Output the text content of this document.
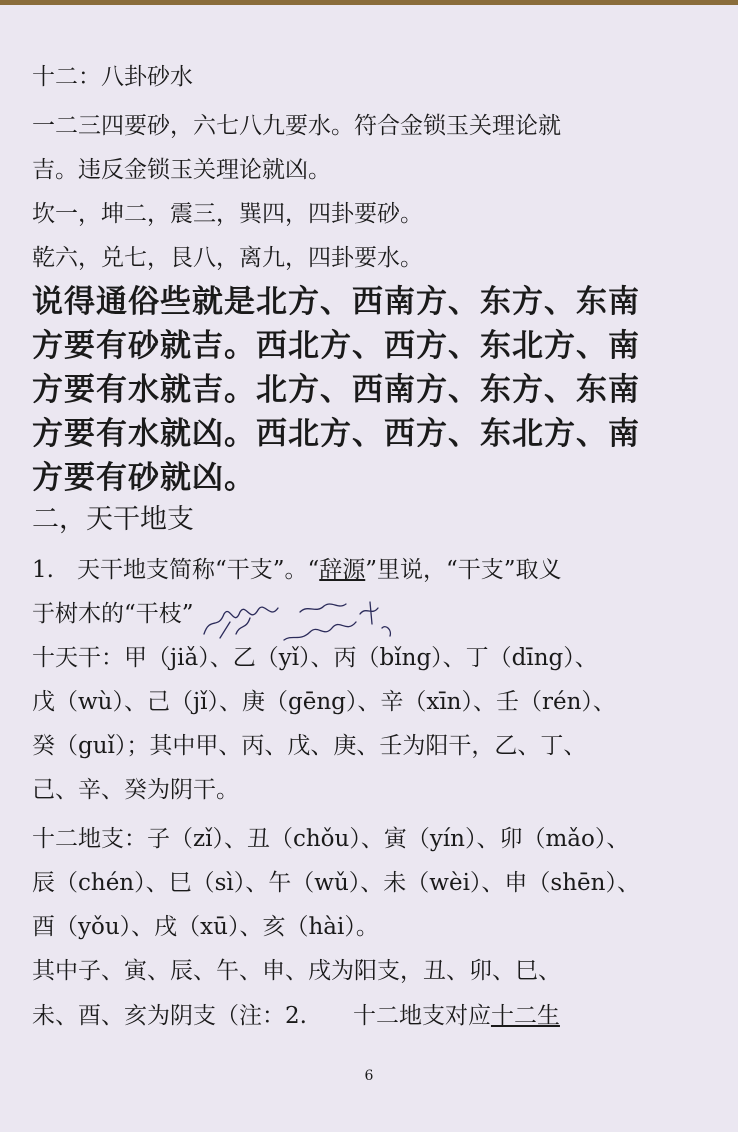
十二：八卦砂水
一二三四要砂，六七八九要水。符合金锁玉关理论就
吉。违反金锁玉关理论就凶。
坎一，坤二，震三，巽四，四卦要砂。
乾六，兑七，艮八，离九，四卦要水。
说得通俗些就是北方、西南方、东方、东南
方要有砂就吉。西北方、西方、东北方、南
方要有水就吉。北方、西南方、东方、东南
方要有水就凶。西北方、西方、东北方、南
方要有砂就凶。
二，天干地支
1.　天干地支简称“干支”。“辞源”里说，“干支”取义
于树木的“干枝”
十天干：甲（jiǎ）、乙（yǐ）、丙（bǐng）、丁（dīng）、
戊（wù）、己（jǐ）、庚（gēng）、辛（xīn）、壬（rén）、
癸（guǐ）；其中甲、丙、戊、庚、壬为阳干，乙、丁、
己、辛、癸为阴干。
十二地支：子（zǐ）、丑（chǒu）、寅（yín）、卯（mǎo）、
辰（chén）、巳（sì）、午（wǔ）、未（wèi）、申（shēn）、
酉（yǒu）、戌（xū）、亥（hài）。
其中子、寅、辰、午、申、戌为阳支，丑、卯、巳、
未、酉、亥为阴支（注：2.　　十二地支对应十二生
6
